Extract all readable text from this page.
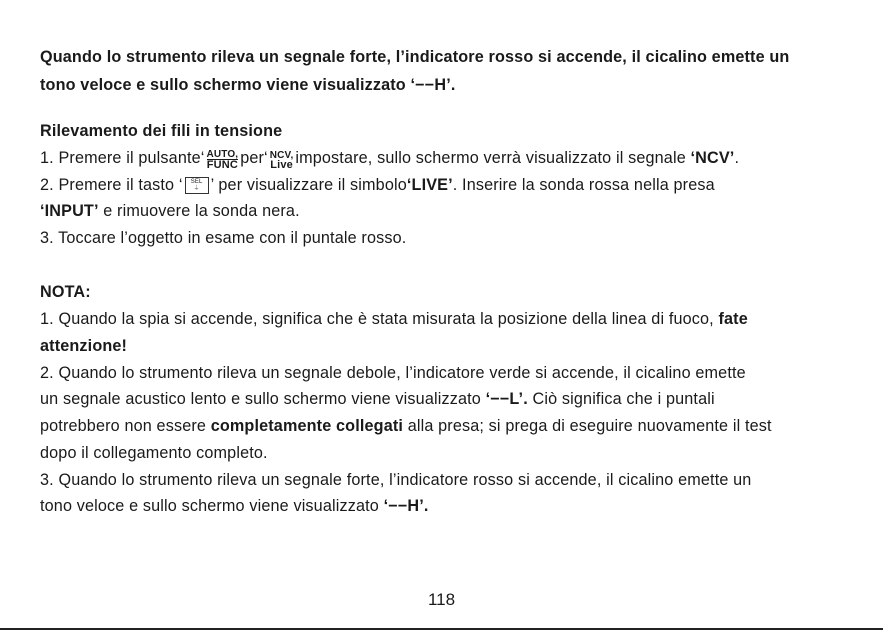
Quando lo strumento rileva un segnale forte, l’indicatore rosso si accende, il cicalino emette un
tono veloce e sullo schermo viene visualizzato ‘−−H’.
Rilevamento dei fili in tensione
1. Premere il pulsante‘ AUTO,
FUNC per‘ NCV,
Live impostare, sullo schermo verrà visualizzato il segnale ‘NCV’.
2. Premere il tasto ‘	SEL
⏚ ’ per visualizzare il simbolo‘LIVE’. Inserire la sonda rossa nella presa
‘INPUT’ e rimuovere la sonda nera.
3. Toccare l’oggetto in esame con il puntale rosso.
NOTA:
1. Quando la spia si accende, significa che è stata misurata la posizione della linea di fuoco, fate
attenzione!
2. Quando lo strumento rileva un segnale debole, l’indicatore verde si accende, il cicalino emette
un segnale acustico lento e sullo schermo viene visualizzato ‘−−L’. Ciò significa che i puntali
potrebbero non essere completamente collegati alla presa; si prega di eseguire nuovamente il test
dopo il collegamento completo.
3. Quando lo strumento rileva un segnale forte, l’indicatore rosso si accende, il cicalino emette un
tono veloce e sullo schermo viene visualizzato ‘−−H’.
118
